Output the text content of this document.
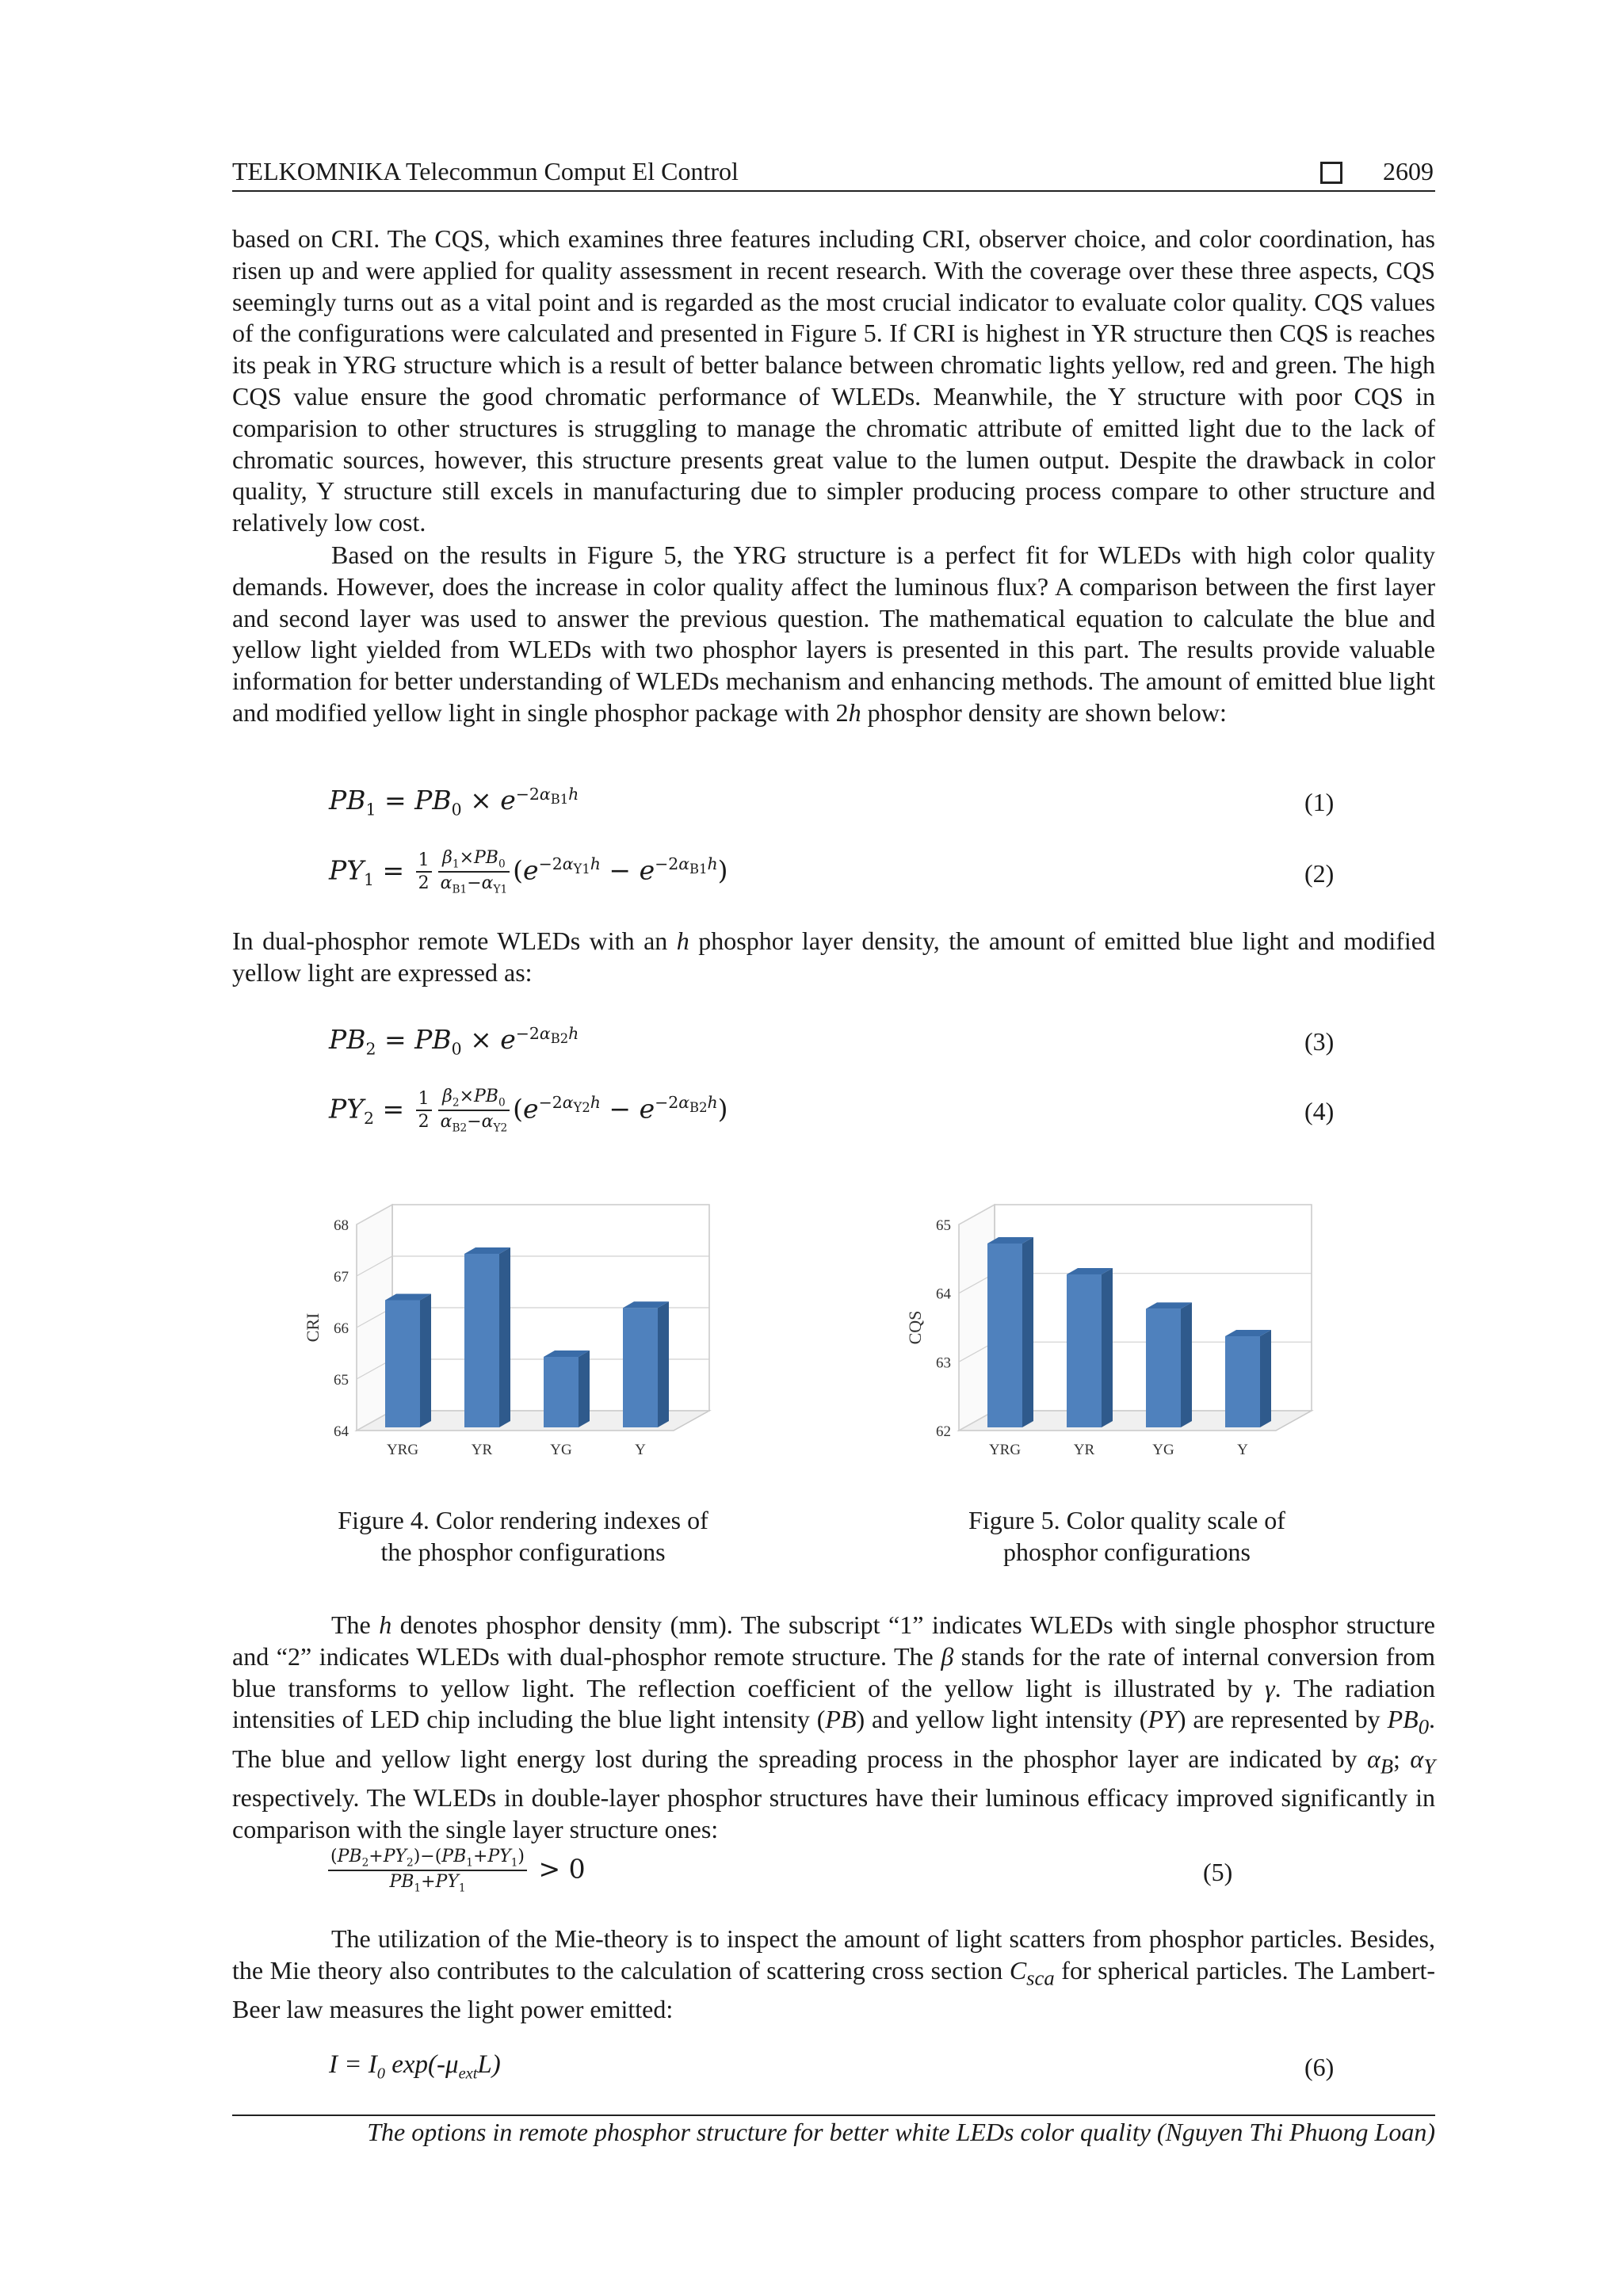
TELKOMNIKA Telecommun Comput El Control	2609

based on CRI. The CQS, which examines three features including CRI, observer choice, and color coordination, has risen up and were applied for quality assessment in recent research. With the coverage over these three aspects, CQS seemingly turns out as a vital point and is regarded as the most crucial indicator to evaluate color quality. CQS values of the configurations were calculated and presented in Figure 5. If CRI is highest in YR structure then CQS is reaches its peak in YRG structure which is a result of better balance between chromatic lights yellow, red and green. The high CQS value ensure the good chromatic performance of WLEDs. Meanwhile, the Y structure with poor CQS in comparision to other structures is struggling to manage the chromatic attribute of emitted light due to the lack of chromatic sources, however, this structure presents great value to the lumen output. Despite the drawback in color quality, Y structure still excels in manufacturing due to simpler producing process compare to other structure and relatively low cost.

Based on the results in Figure 5, the YRG structure is a perfect fit for WLEDs with high color quality demands. However, does the increase in color quality affect the luminous flux? A comparison between the first layer and second layer was used to answer the previous question. The mathematical equation to calculate the blue and yellow light yielded from WLEDs with two phosphor layers is presented in this part. The results provide valuable information for better understanding of WLEDs mechanism and enhancing methods. The amount of emitted blue light and modified yellow light in single phosphor package with 2h phosphor density are shown below:

$PB_1 = PB_0 \times e^{-2\alpha_{B1}h}$	(1)
$PY_1 = \frac{1}{2} \frac{\beta_1\times PB_0}{\alpha_{B1}-\alpha_{Y1}} (e^{-2\alpha_{Y1}h} - e^{-2\alpha_{B1}h})$	(2)

In dual-phosphor remote WLEDs with an h phosphor layer density, the amount of emitted blue light and modified yellow light are expressed as:

$PB_2 = PB_0 \times e^{-2\alpha_{B2}h}$	(3)
$PY_2 = \frac{1}{2} \frac{\beta_2\times PB_0}{\alpha_{B2}-\alpha_{Y2}} (e^{-2\alpha_{Y2}h} - e^{-2\alpha_{B2}h})$	(4)
64
65
66
67
68
CRI
YRG	YR	YG	Y
Figure 4. Color rendering indexes of
the phosphor configurations
62
63
64
65
CQS
YRG	YR	YG	Y
Figure 5. Color quality scale of
phosphor configurations

The h denotes phosphor density (mm). The subscript “1” indicates WLEDs with single phosphor structure and “2” indicates WLEDs with dual-phosphor remote structure. The β stands for the rate of internal conversion from blue transforms to yellow light. The reflection coefficient of the yellow light is illustrated by γ. The radiation intensities of LED chip including the blue light intensity (PB) and yellow light intensity (PY) are represented by $PB_0$. The blue and yellow light energy lost during the spreading process in the phosphor layer are indicated by $\alpha_B$; $\alpha_Y$ respectively. The WLEDs in double-layer phosphor structures have their luminous efficacy improved significantly in comparison with the single layer structure ones:

$\frac{(PB_2+PY_2)-(PB_1+PY_1)}{PB_1+PY_1} > 0$	(5)

The utilization of the Mie-theory is to inspect the amount of light scatters from phosphor particles. Besides, the Mie theory also contributes to the calculation of scattering cross section $C_{sca}$ for spherical particles. The Lambert-Beer law measures the light power emitted:

$I = I_0$ $\exp(-\mu_{ext}L)$	(6)
The options in remote phosphor structure for better white LEDs color quality (Nguyen Thi Phuong Loan)
